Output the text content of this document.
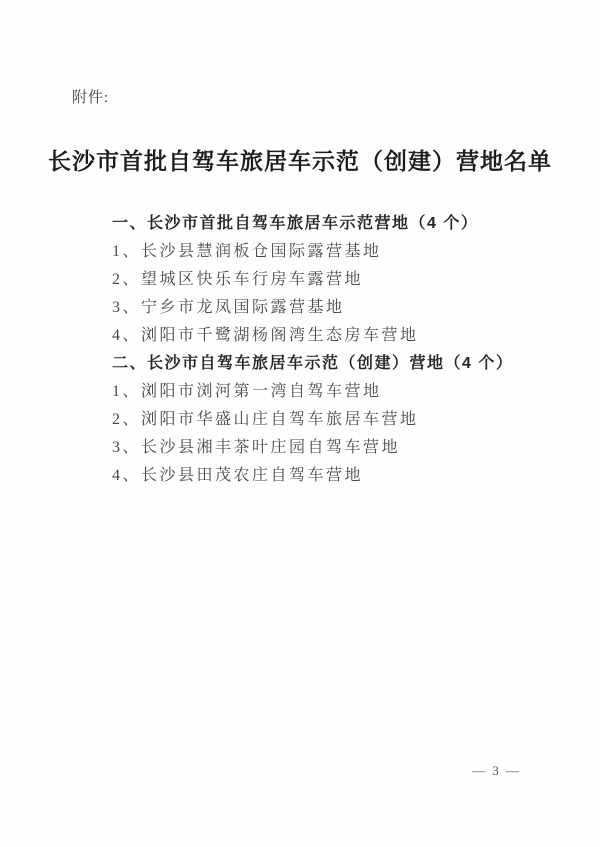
附件:
长沙市首批自驾车旅居车示范（创建）营地名单
一、长沙市首批自驾车旅居车示范营地（4 个）
1、长沙县慧润板仓国际露营基地
2、望城区快乐车行房车露营地
3、宁乡市龙凤国际露营基地
4、浏阳市千鹭湖杨阁湾生态房车营地
二、长沙市自驾车旅居车示范（创建）营地（4 个）
1、浏阳市浏河第一湾自驾车营地
2、浏阳市华盛山庄自驾车旅居车营地
3、长沙县湘丰茶叶庄园自驾车营地
4、长沙县田茂农庄自驾车营地
— 3 —
